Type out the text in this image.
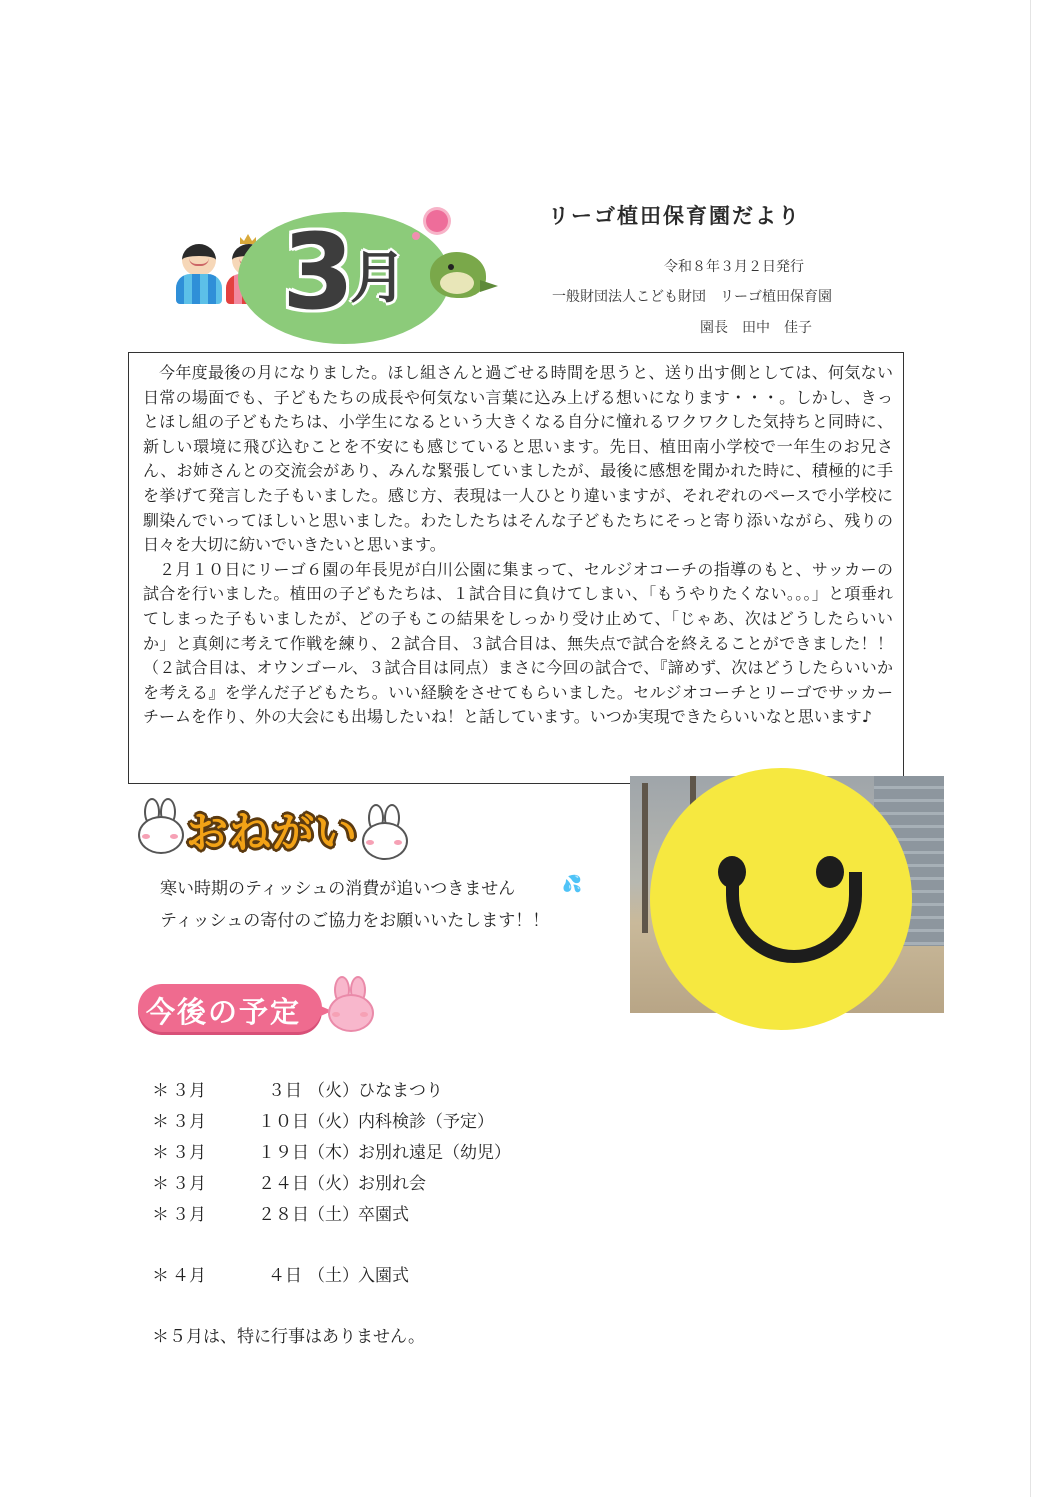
3
月
リーゴ植田保育園だより
令和８年３月２日発行
一般財団法人こども財団　リーゴ植田保育園
園長　田中　佳子

今年度最後の月になりました。ほし組さんと過ごせる時間を思うと、送り出す側としては、何気ない日常の場面でも、子どもたちの成長や何気ない言葉に込み上げる想いになります・・・。しかし、きっとほし組の子どもたちは、小学生になるという大きくなる自分に憧れるワクワクした気持ちと同時に、新しい環境に飛び込むことを不安にも感じていると思います。先日、植田南小学校で一年生のお兄さん、お姉さんとの交流会があり、みんな緊張していましたが、最後に感想を聞かれた時に、積極的に手を挙げて発言した子もいました。感じ方、表現は一人ひとり違いますが、それぞれのペースで小学校に馴染んでいってほしいと思いました。わたしたちはそんな子どもたちにそっと寄り添いながら、残りの日々を大切に紡いでいきたいと思います。

２月１０日にリーゴ６園の年長児が白川公園に集まって、セルジオコーチの指導のもと、サッカーの試合を行いました。植田の子どもたちは、１試合目に負けてしまい、「もうやりたくない。。。」と項垂れてしまった子もいましたが、どの子もこの結果をしっかり受け止めて、「じゃあ、次はどうしたらいいか」と真剣に考えて作戦を練り、２試合目、３試合目は、無失点で試合を終えることができました！！（２試合目は、オウンゴール、３試合目は同点）まさに今回の試合で、『諦めず、次はどうしたらいいかを考える』を学んだ子どもたち。いい経験をさせてもらいました。セルジオコーチとリーゴでサッカーチームを作り、外の大会にも出場したいね！と話しています。いつか実現できたらいいなと思います♪

おねがい
寒い時期のティッシュの消費が追いつきません	💦
ティッシュの寄付のご協力をお願いいたします！！
今後の予定
＊ ３月	３日 （火）ひなまつり
＊ ３月	１０日（火）内科検診（予定）
＊ ３月	１９日（木）お別れ遠足（幼児）
＊ ３月	２４日（火）お別れ会
＊ ３月	２８日（土）卒園式
＊ ４月	４日 （土）入園式
＊５月は、特に行事はありません。
